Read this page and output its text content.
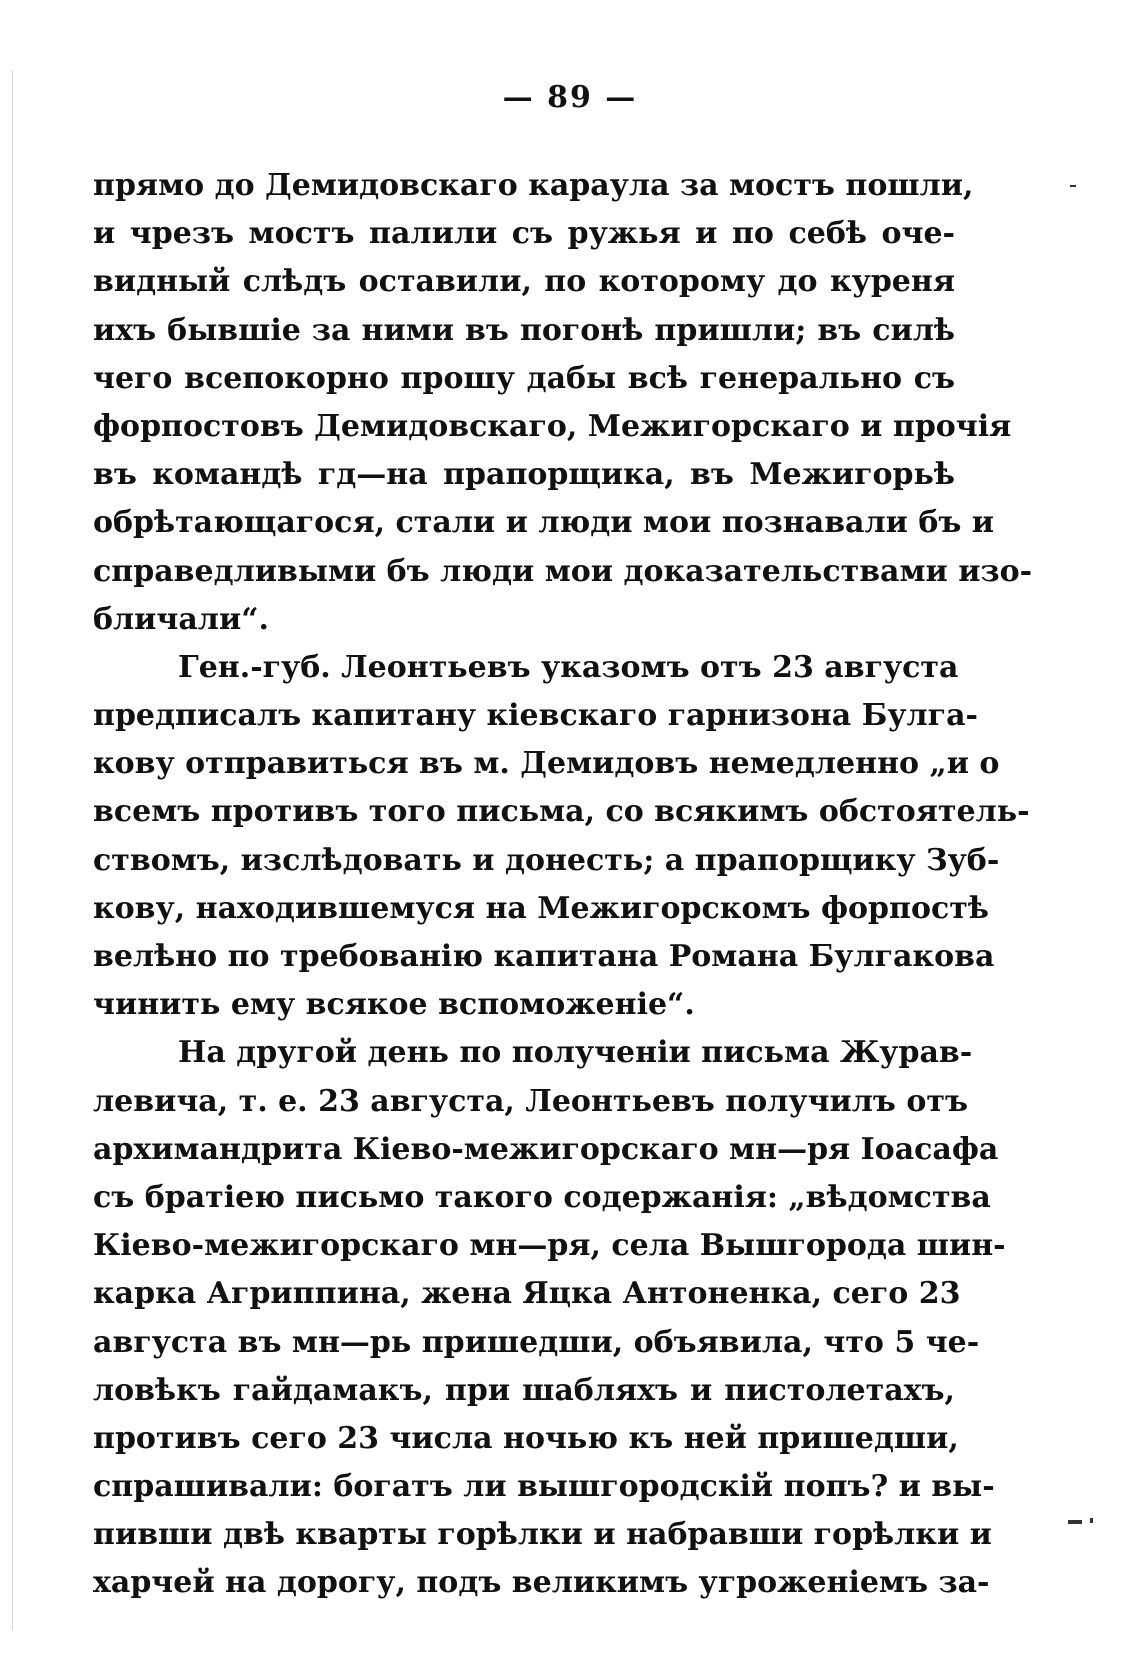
— 89 —
прямо до Демидовскаго караула за мостъ пошли,
и чрезъ мостъ палили съ ружья и по себѣ оче-
видный слѣдъ оставили, по которому до куреня
ихъ бывшіе за ними въ погонѣ пришли; въ силѣ
чего всепокорно прошу дабы всѣ генерально съ
форпостовъ Демидовскаго, Межигорскаго и прочія
въ командѣ гд—на прапорщика, въ Межигорьѣ
обрѣтающагося, стали и люди мои познавали бъ и
справедливыми бъ люди мои доказательствами изо-
бличали“.
Ген.-губ. Леонтьевъ указомъ отъ 23 августа
предписалъ капитану кіевскаго гарнизона Булга-
кову отправиться въ м. Демидовъ немедленно „и о
всемъ противъ того письма, со всякимъ обстоятель-
ствомъ, изслѣдовать и донесть; а прапорщику Зуб-
кову, находившемуся на Межигорскомъ форпостѣ
велѣно по требованію капитана Романа Булгакова
чинить ему всякое вспоможеніе“.
На другой день по полученіи письма Журав-
левича, т. е. 23 августа, Леонтьевъ получилъ отъ
архимандрита Кіево-межигорскаго мн—ря Іоасафа
съ братіею письмо такого содержанія: „вѣдомства
Кіево-межигорскаго мн—ря, села Вышгорода шин-
карка Агриппина, жена Яцка Антоненка, сего 23
августа въ мн—рь пришедши, объявила, что 5 че-
ловѣкъ гайдамакъ, при шабляхъ и пистолетахъ,
противъ сего 23 числа ночью къ ней пришедши,
спрашивали: богатъ ли вышгородскій попъ? и вы-
пивши двѣ кварты горѣлки и набравши горѣлки и
харчей на дорогу, подъ великимъ угроженіемъ за-
